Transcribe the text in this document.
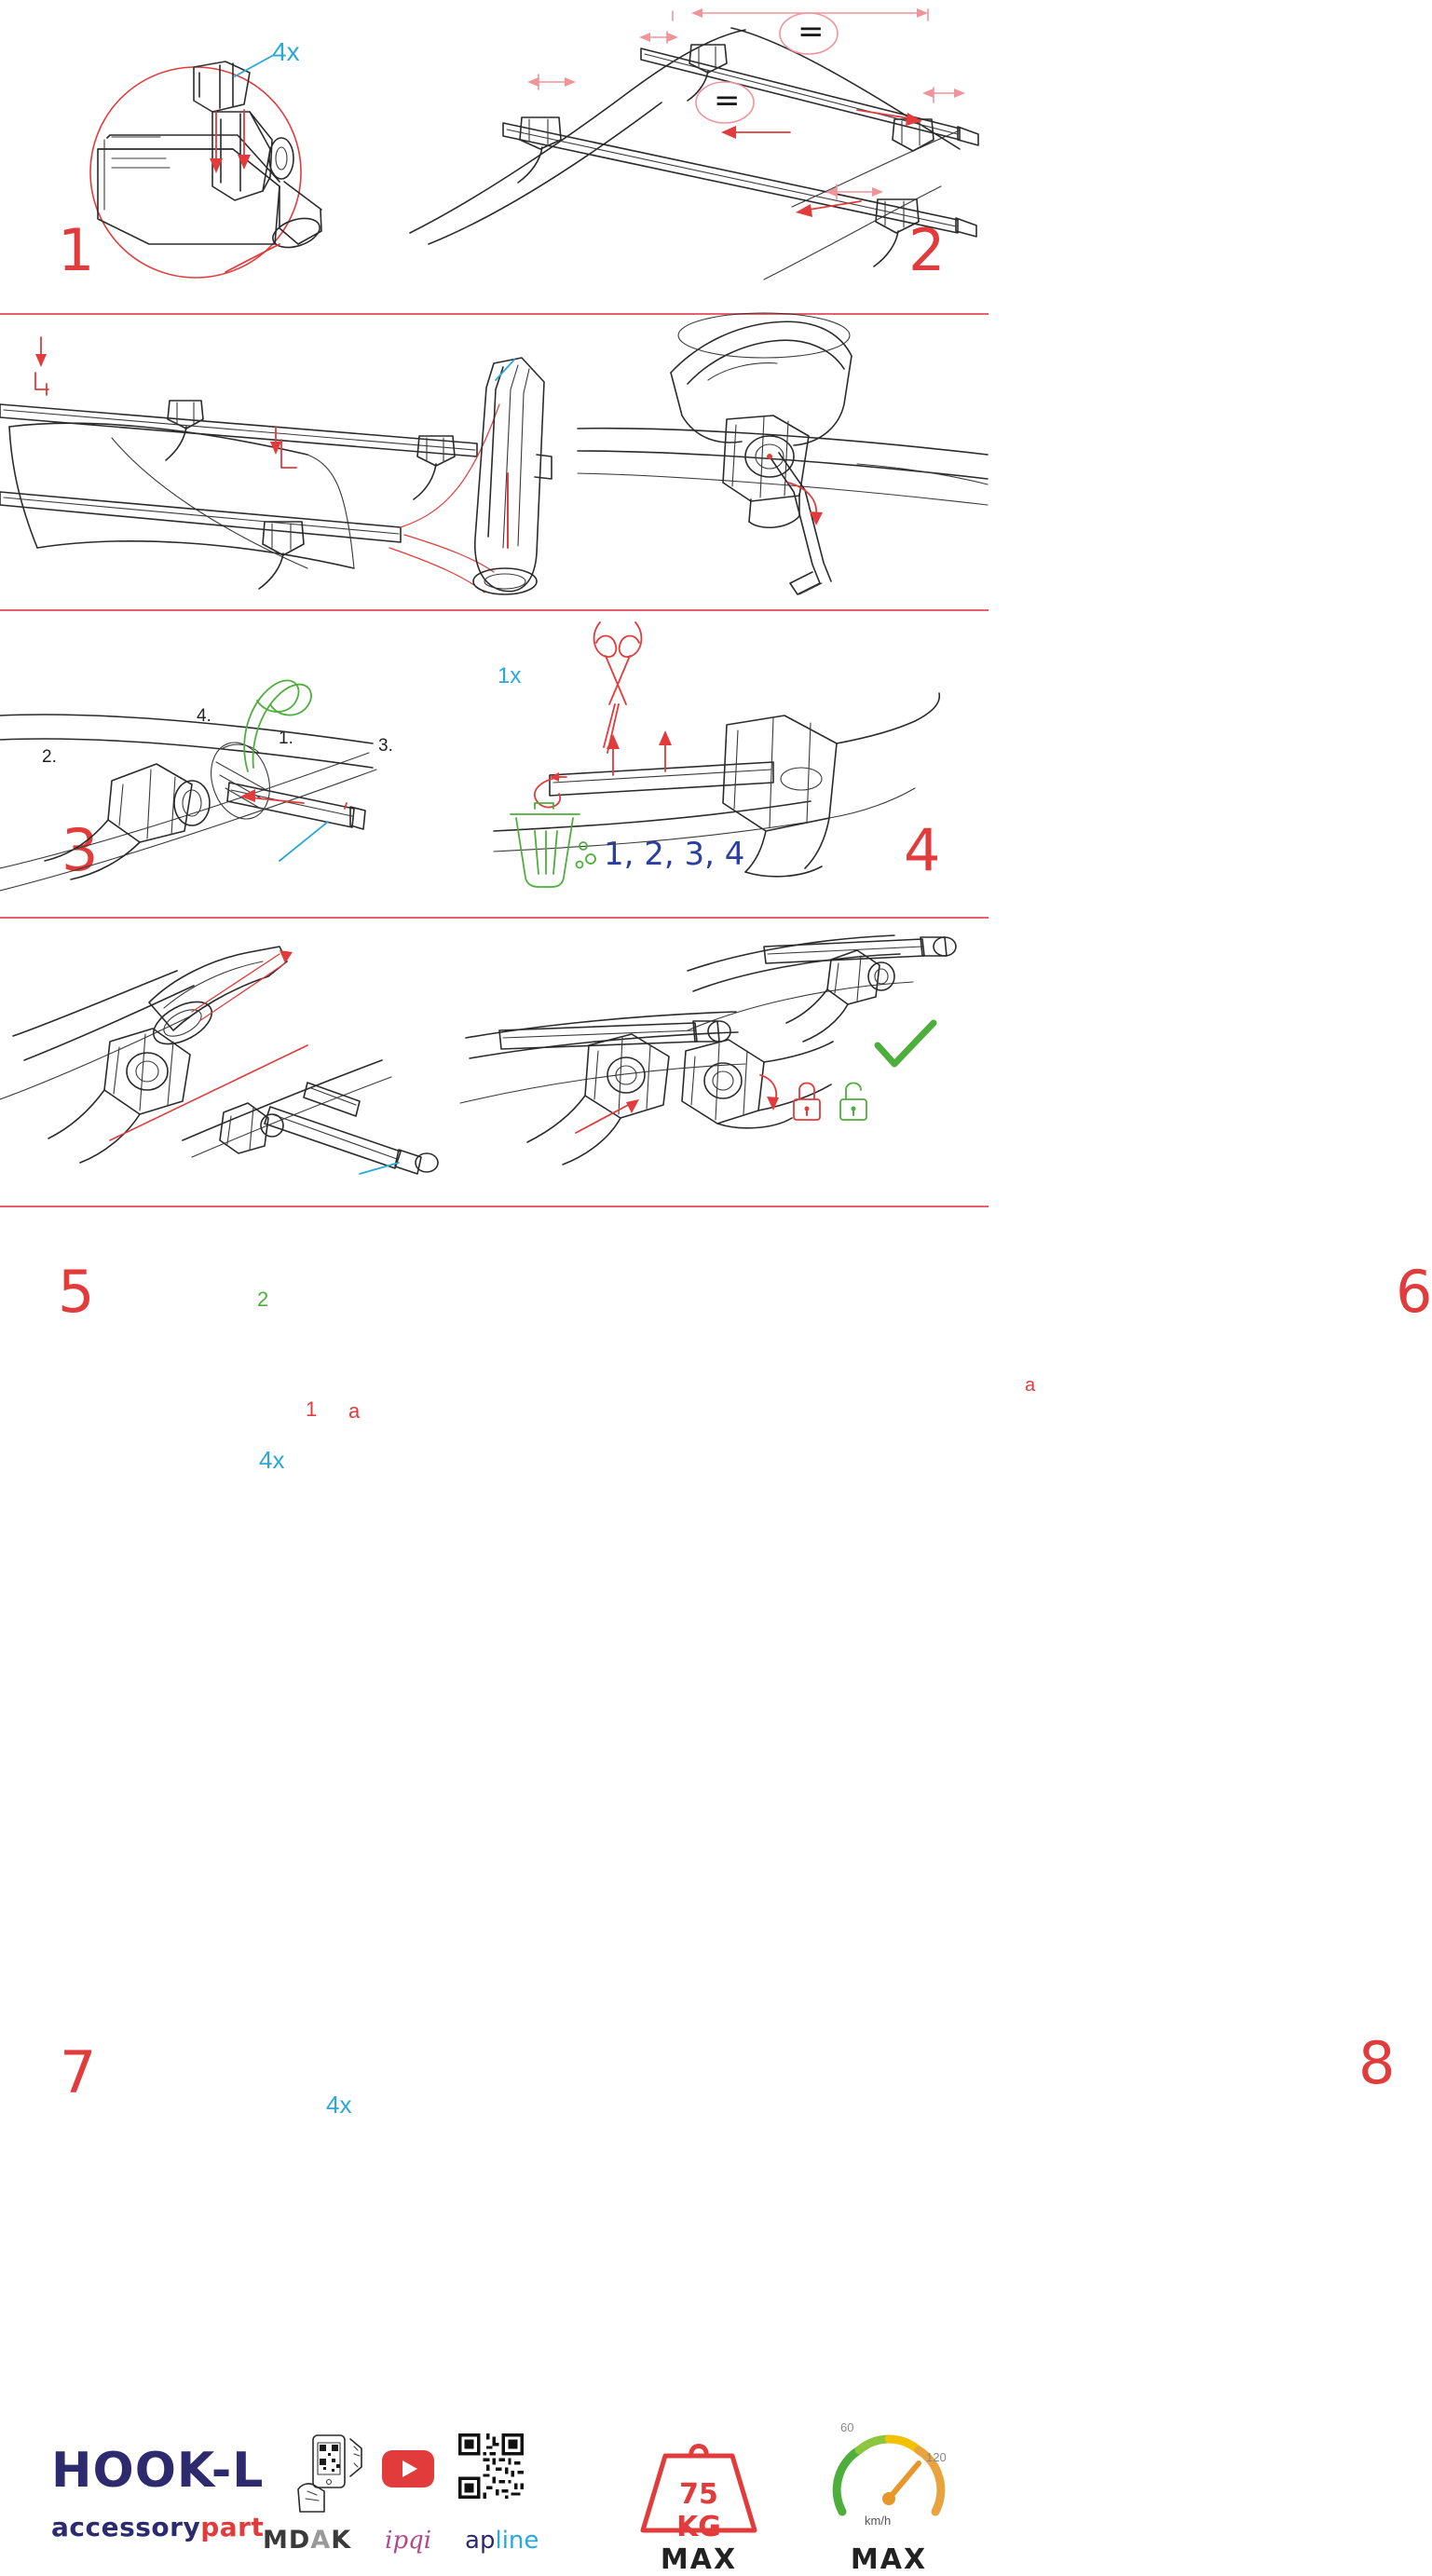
4x
1
=
=
2
1.
2.
3.
4.
1x
3	1, 2, 3, 4	4
5
1
2
a
4x
6
a
7	4x
8
HOOK-L
accessorypart
MDAK ipqi apline
75 KG
MAX
60
120
km/h
MAX
